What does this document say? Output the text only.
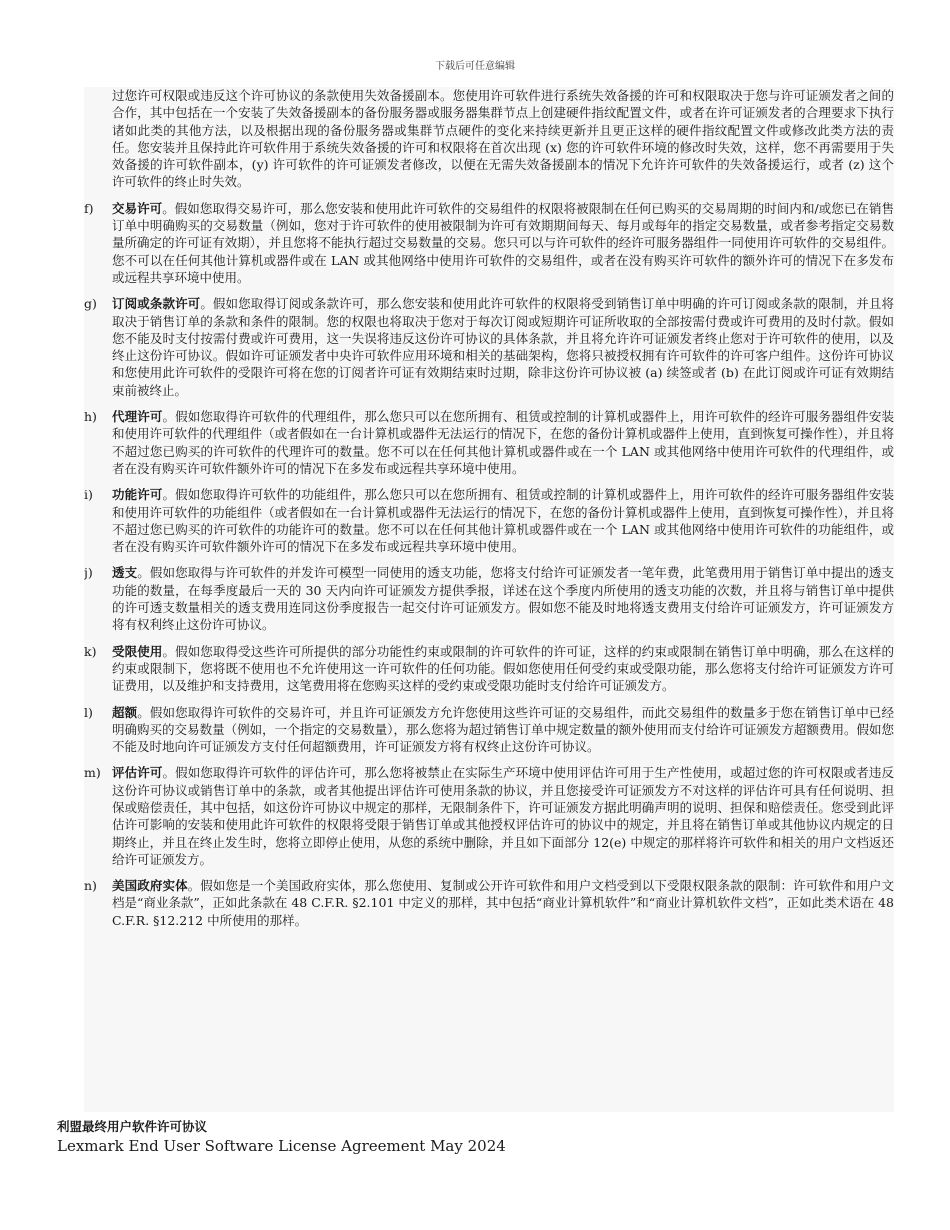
下载后可任意编辑

过您许可权限或违反这个许可协议的条款使用失效备援副本。您使用许可软件进行系统失效备援的许可和权限取决于您与许可证颁发者之间的合作，其中包括在一个安装了失效备援副本的备份服务器或服务器集群节点上创建硬件指纹配置文件，或者在许可证颁发者的合理要求下执行诸如此类的其他方法，以及根据出现的备份服务器或集群节点硬件的变化来持续更新并且更正这样的硬件指纹配置文件或修改此类方法的责任。您安装并且保持此许可软件用于系统失效备援的许可和权限将在首次出现 (x) 您的许可软件环境的修改时失效，这样，您不再需要用于失效备援的许可软件副本，(y) 许可软件的许可证颁发者修改，以便在无需失效备援副本的情况下允许许可软件的失效备援运行，或者 (z) 这个许可软件的终止时失效。

f)	交易许可。假如您取得交易许可，那么您安装和使用此许可软件的交易组件的权限将被限制在任何已购买的交易周期的时间内和/或您已在销售订单中明确购买的交易数量（例如，您对于许可软件的使用被限制为许可有效期期间每天、每月或每年的指定交易数量，或者参考指定交易数量所确定的许可证有效期），并且您将不能执行超过交易数量的交易。您只可以与许可软件的经许可服务器组件一同使用许可软件的交易组件。您不可以在任何其他计算机或器件或在 LAN 或其他网络中使用许可软件的交易组件，或者在没有购买许可软件的额外许可的情况下在多发布或远程共享环境中使用。
g)	订阅或条款许可。假如您取得订阅或条款许可，那么您安装和使用此许可软件的权限将受到销售订单中明确的许可订阅或条款的限制，并且将取决于销售订单的条款和条件的限制。您的权限也将取决于您对于每次订阅或短期许可证所收取的全部按需付费或许可费用的及时付款。假如您不能及时支付按需付费或许可费用，这一失误将违反这份许可协议的具体条款，并且将允许许可证颁发者终止您对于许可软件的使用，以及终止这份许可协议。假如许可证颁发者中央许可软件应用环境和相关的基础架构，您将只被授权拥有许可软件的许可客户组件。这份许可协议和您使用此许可软件的受限许可将在您的订阅者许可证有效期结束时过期，除非这份许可协议被 (a) 续签或者 (b) 在此订阅或许可证有效期结束前被终止。
h)	代理许可。假如您取得许可软件的代理组件，那么您只可以在您所拥有、租赁或控制的计算机或器件上，用许可软件的经许可服务器组件安装和使用许可软件的代理组件（或者假如在一台计算机或器件无法运行的情况下，在您的备份计算机或器件上使用，直到恢复可操作性），并且将不超过您已购买的许可软件的代理许可的数量。您不可以在任何其他计算机或器件或在一个 LAN 或其他网络中使用许可软件的代理组件，或者在没有购买许可软件额外许可的情况下在多发布或远程共享环境中使用。
i)	功能许可。假如您取得许可软件的功能组件，那么您只可以在您所拥有、租赁或控制的计算机或器件上，用许可软件的经许可服务器组件安装和使用许可软件的功能组件（或者假如在一台计算机或器件无法运行的情况下，在您的备份计算机或器件上使用，直到恢复可操作性），并且将不超过您已购买的许可软件的功能许可的数量。您不可以在任何其他计算机或器件或在一个 LAN 或其他网络中使用许可软件的功能组件，或者在没有购买许可软件额外许可的情况下在多发布或远程共享环境中使用。
j)	透支。假如您取得与许可软件的并发许可模型一同使用的透支功能，您将支付给许可证颁发者一笔年费，此笔费用用于销售订单中提出的透支功能的数量，在每季度最后一天的 30 天内向许可证颁发方提供季报，详述在这个季度内所使用的透支功能的次数，并且将与销售订单中提供的许可透支数量相关的透支费用连同这份季度报告一起交付许可证颁发方。假如您不能及时地将透支费用支付给许可证颁发方，许可证颁发方将有权利终止这份许可协议。
k)	受限使用。假如您取得受这些许可所提供的部分功能性约束或限制的许可软件的许可证，这样的约束或限制在销售订单中明确，那么在这样的约束或限制下，您将既不使用也不允许使用这一许可软件的任何功能。假如您使用任何受约束或受限功能，那么您将支付给许可证颁发方许可证费用，以及维护和支持费用，这笔费用将在您购买这样的受约束或受限功能时支付给许可证颁发方。
l)	超额。假如您取得许可软件的交易许可，并且许可证颁发方允许您使用这些许可证的交易组件，而此交易组件的数量多于您在销售订单中已经明确购买的交易数量（例如，一个指定的交易数量），那么您将为超过销售订单中规定数量的额外使用而支付给许可证颁发方超额费用。假如您不能及时地向许可证颁发方支付任何超额费用，许可证颁发方将有权终止这份许可协议。
m) 评估许可。假如您取得许可软件的评估许可，那么您将被禁止在实际生产环境中使用评估许可用于生产性使用，或超过您的许可权限或者违反这份许可协议或销售订单中的条款，或者其他提出评估许可使用条款的协议，并且您接受许可证颁发方不对这样的评估许可具有任何说明、担保或赔偿责任，其中包括，如这份许可协议中规定的那样，无限制条件下，许可证颁发方据此明确声明的说明、担保和赔偿责任。您受到此评估许可影响的安装和使用此许可软件的权限将受限于销售订单或其他授权评估许可的协议中的规定，并且将在销售订单或其他协议内规定的日期终止，并且在终止发生时，您将立即停止使用，从您的系统中删除，并且如下面部分 12(e) 中规定的那样将许可软件和相关的用户文档返还给许可证颁发方。
n)	美国政府实体。假如您是一个美国政府实体，那么您使用、复制或公开许可软件和用户文档受到以下受限权限条款的限制：许可软件和用户文档是“商业条款”，正如此条款在 48 C.F.R. §2.101 中定义的那样，其中包括“商业计算机软件”和“商业计算机软件文档”，正如此类术语在 48 C.F.R. §12.212 中所使用的那样。
利盟最终用户软件许可协议
Lexmark End User Software License Agreement May 2024
